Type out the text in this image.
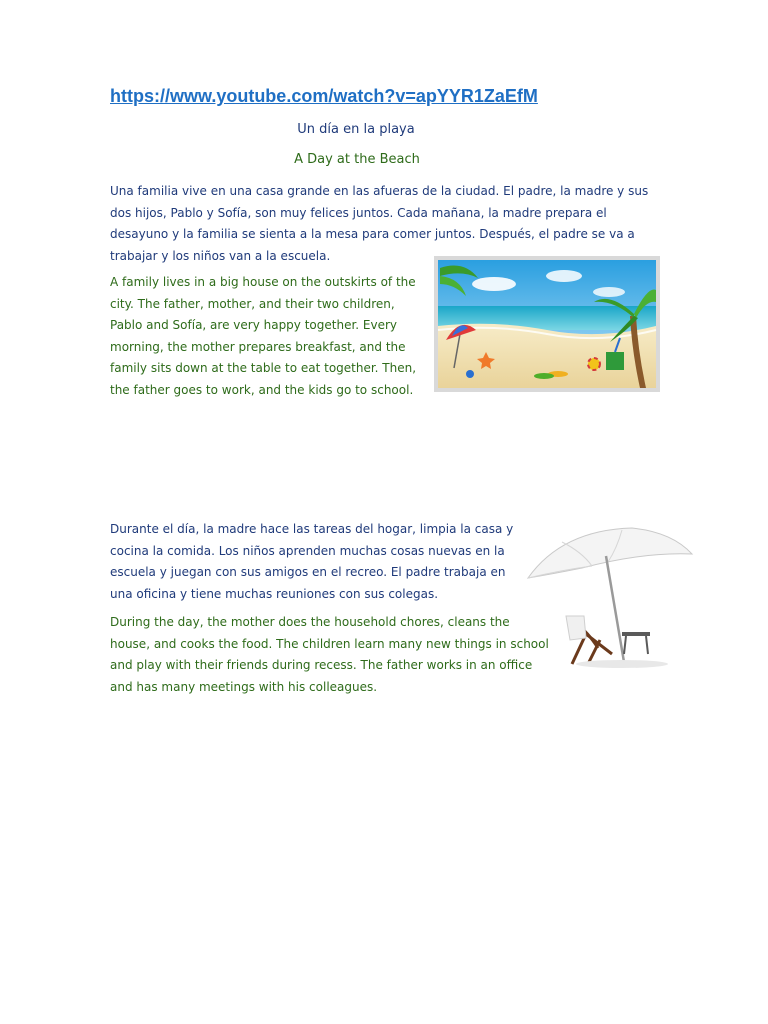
https://www.youtube.com/watch?v=apYYR1ZaEfM
Un día en la playa
A Day at the Beach
Una familia vive en una casa grande en las afueras de la ciudad. El padre, la madre y sus dos hijos, Pablo y Sofía, son muy felices juntos. Cada mañana, la madre prepara el desayuno y la familia se sienta a la mesa para comer juntos. Después, el padre se va a trabajar y los niños van a la escuela.
A family lives in a big house on the outskirts of the city. The father, mother, and their two children, Pablo and Sofía, are very happy together. Every morning, the mother prepares breakfast, and the family sits down at the table to eat together. Then, the father goes to work, and the kids go to school.
Durante el día, la madre hace las tareas del hogar, limpia la casa y cocina la comida. Los niños aprenden muchas cosas nuevas en la escuela y juegan con sus amigos en el recreo. El padre trabaja en una oficina y tiene muchas reuniones con sus colegas.
During the day, the mother does the household chores, cleans the house, and cooks the food. The children learn many new things in school and play with their friends during recess. The father works in an office and has many meetings with his colleagues.
